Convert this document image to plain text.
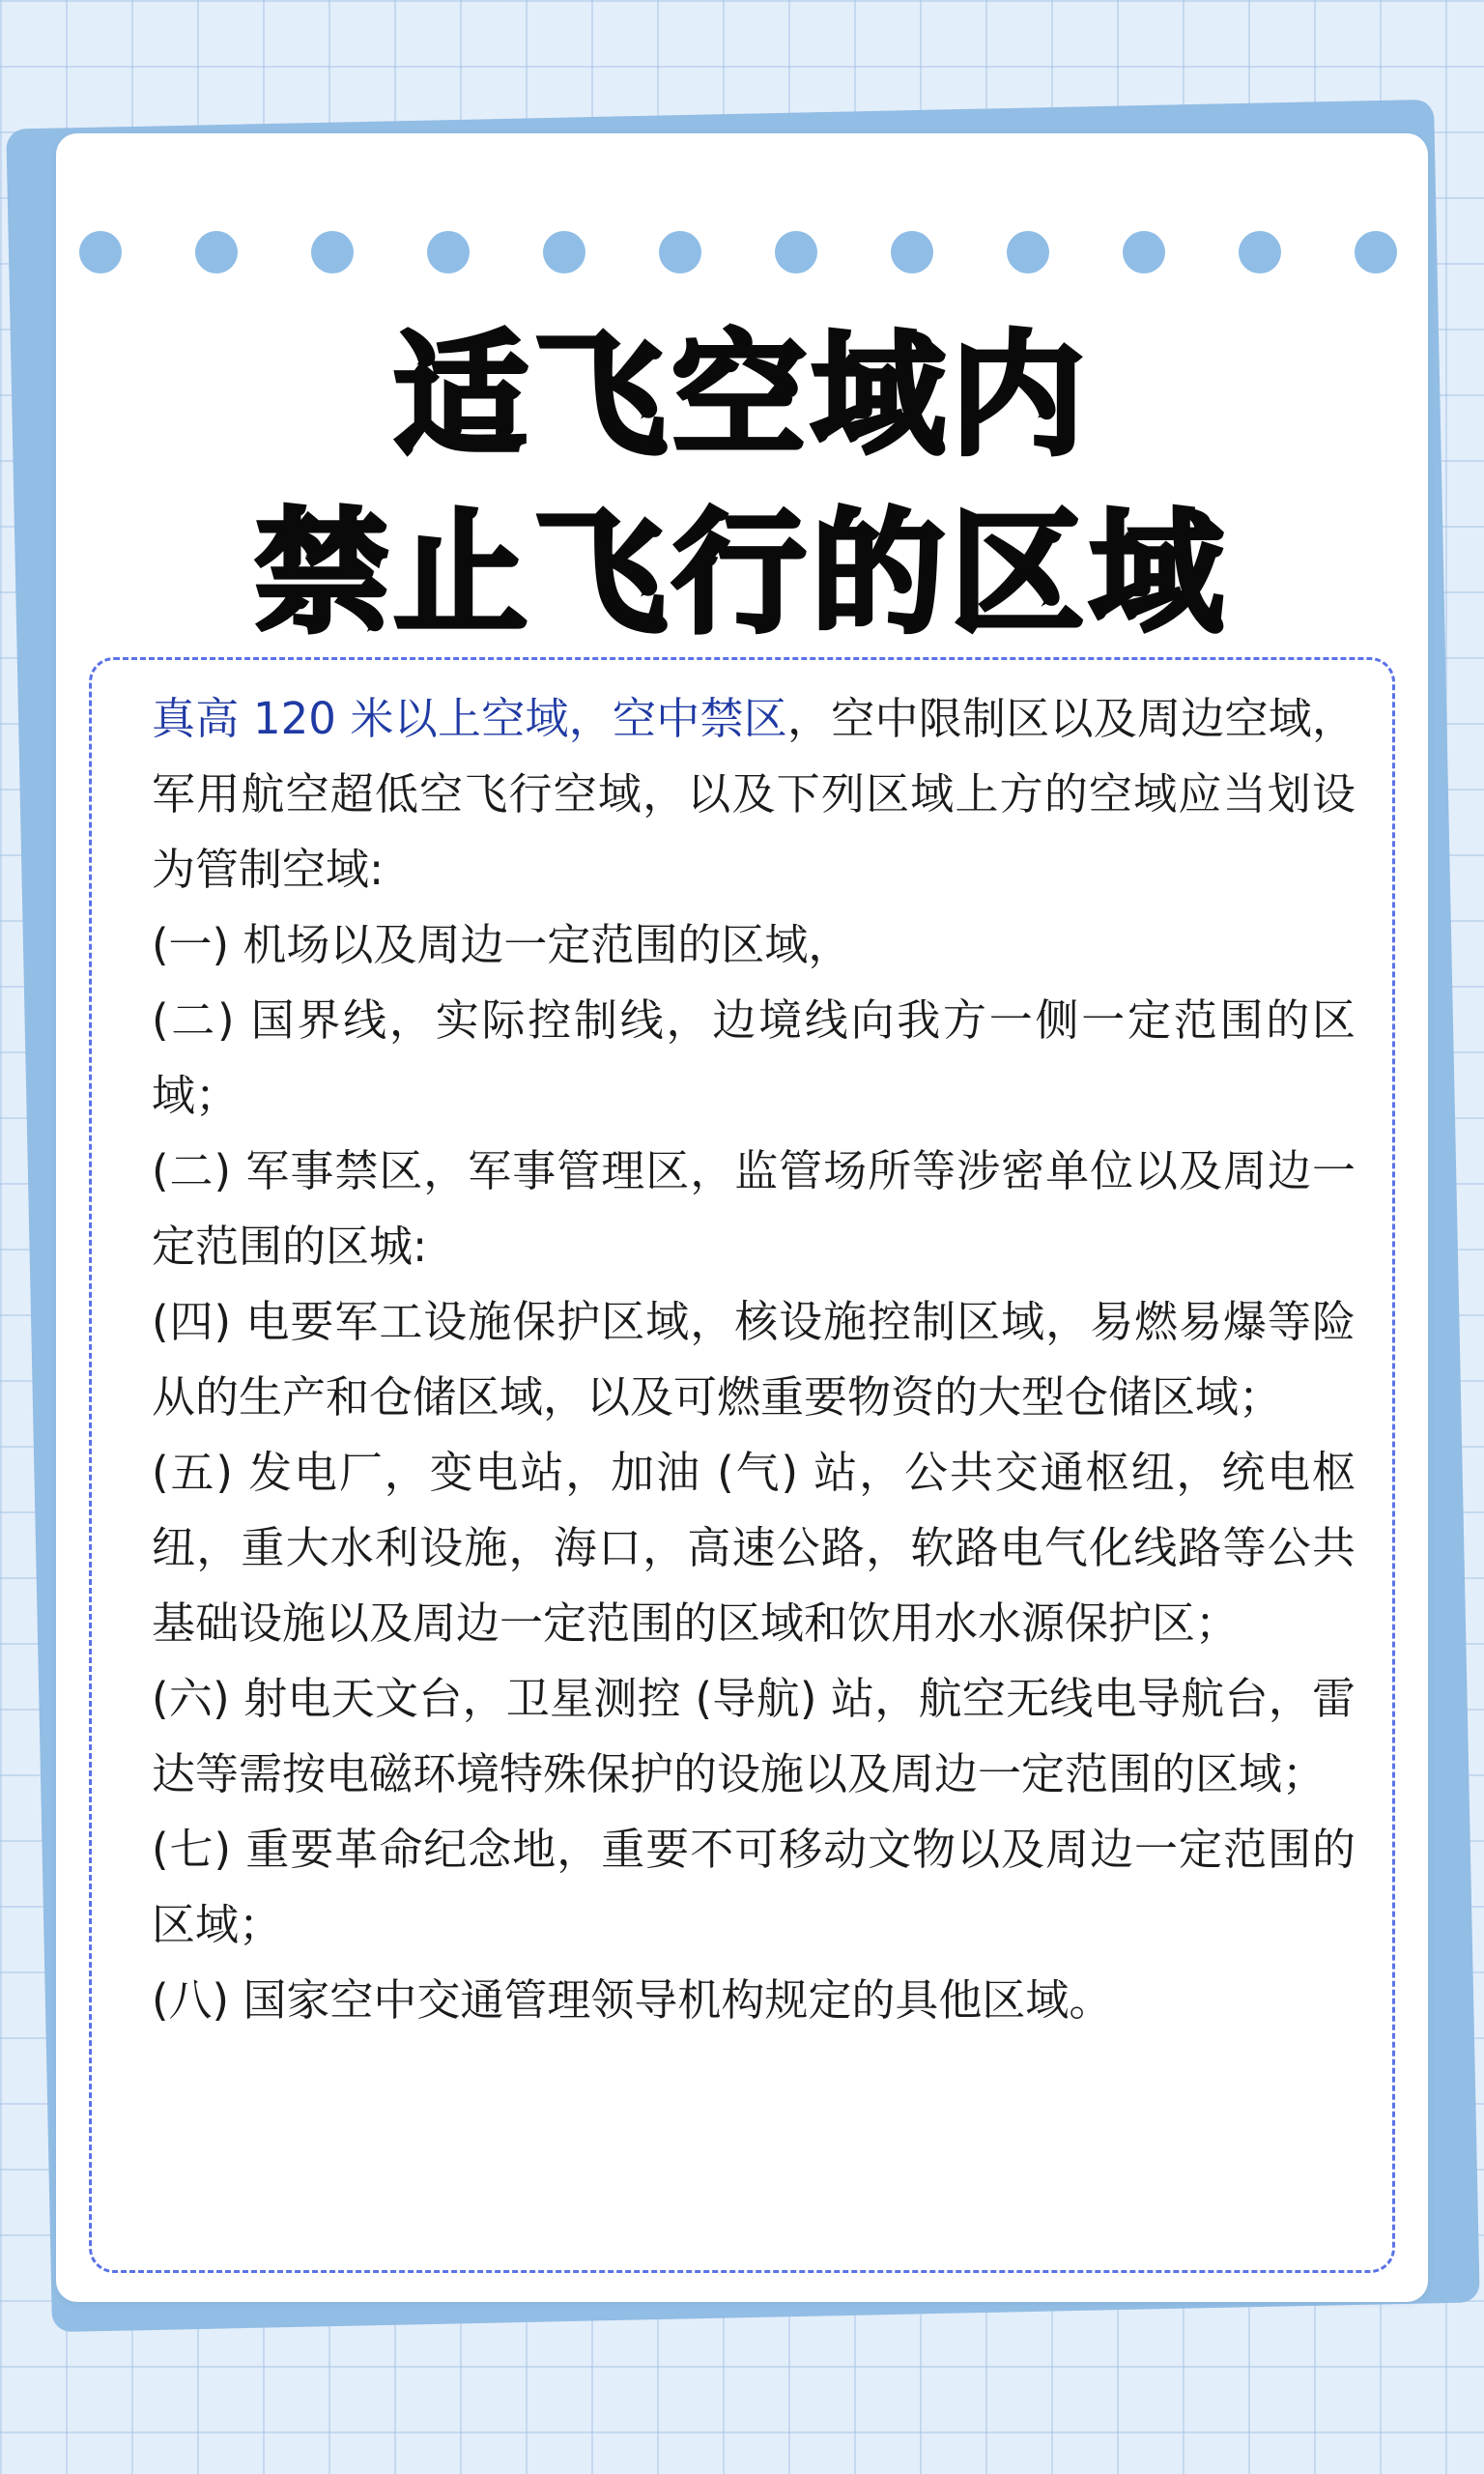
适飞空域内
禁止飞行的区域

真高 120 米以上空域，空中禁区，空中限制区以及周边空域，军用航空超低空飞行空域，以及下列区域上方的空域应当划设为管制空域:

(一) 机场以及周边一定范围的区域，

(二) 国界线，实际控制线，边境线向我方一侧一定范围的区域；

(二) 军事禁区，军事管理区，监管场所等涉密单位以及周边一定范围的区城:

(四) 电要军工设施保护区域，核设施控制区域，易燃易爆等险从的生产和仓储区域，以及可燃重要物资的大型仓储区域；

(五) 发电厂，变电站，加油 (气) 站，公共交通枢纽，统电枢纽，重大水利设施，海口，高速公路，软路电气化线路等公共基础设施以及周边一定范围的区域和饮用水水源保护区；

(六) 射电天文台，卫星测控 (导航) 站，航空无线电导航台，雷达等需按电磁环境特殊保护的设施以及周边一定范围的区域；

(七) 重要革命纪念地，重要不可移动文物以及周边一定范围的区域；

(八) 国家空中交通管理领导机构规定的具他区域。
